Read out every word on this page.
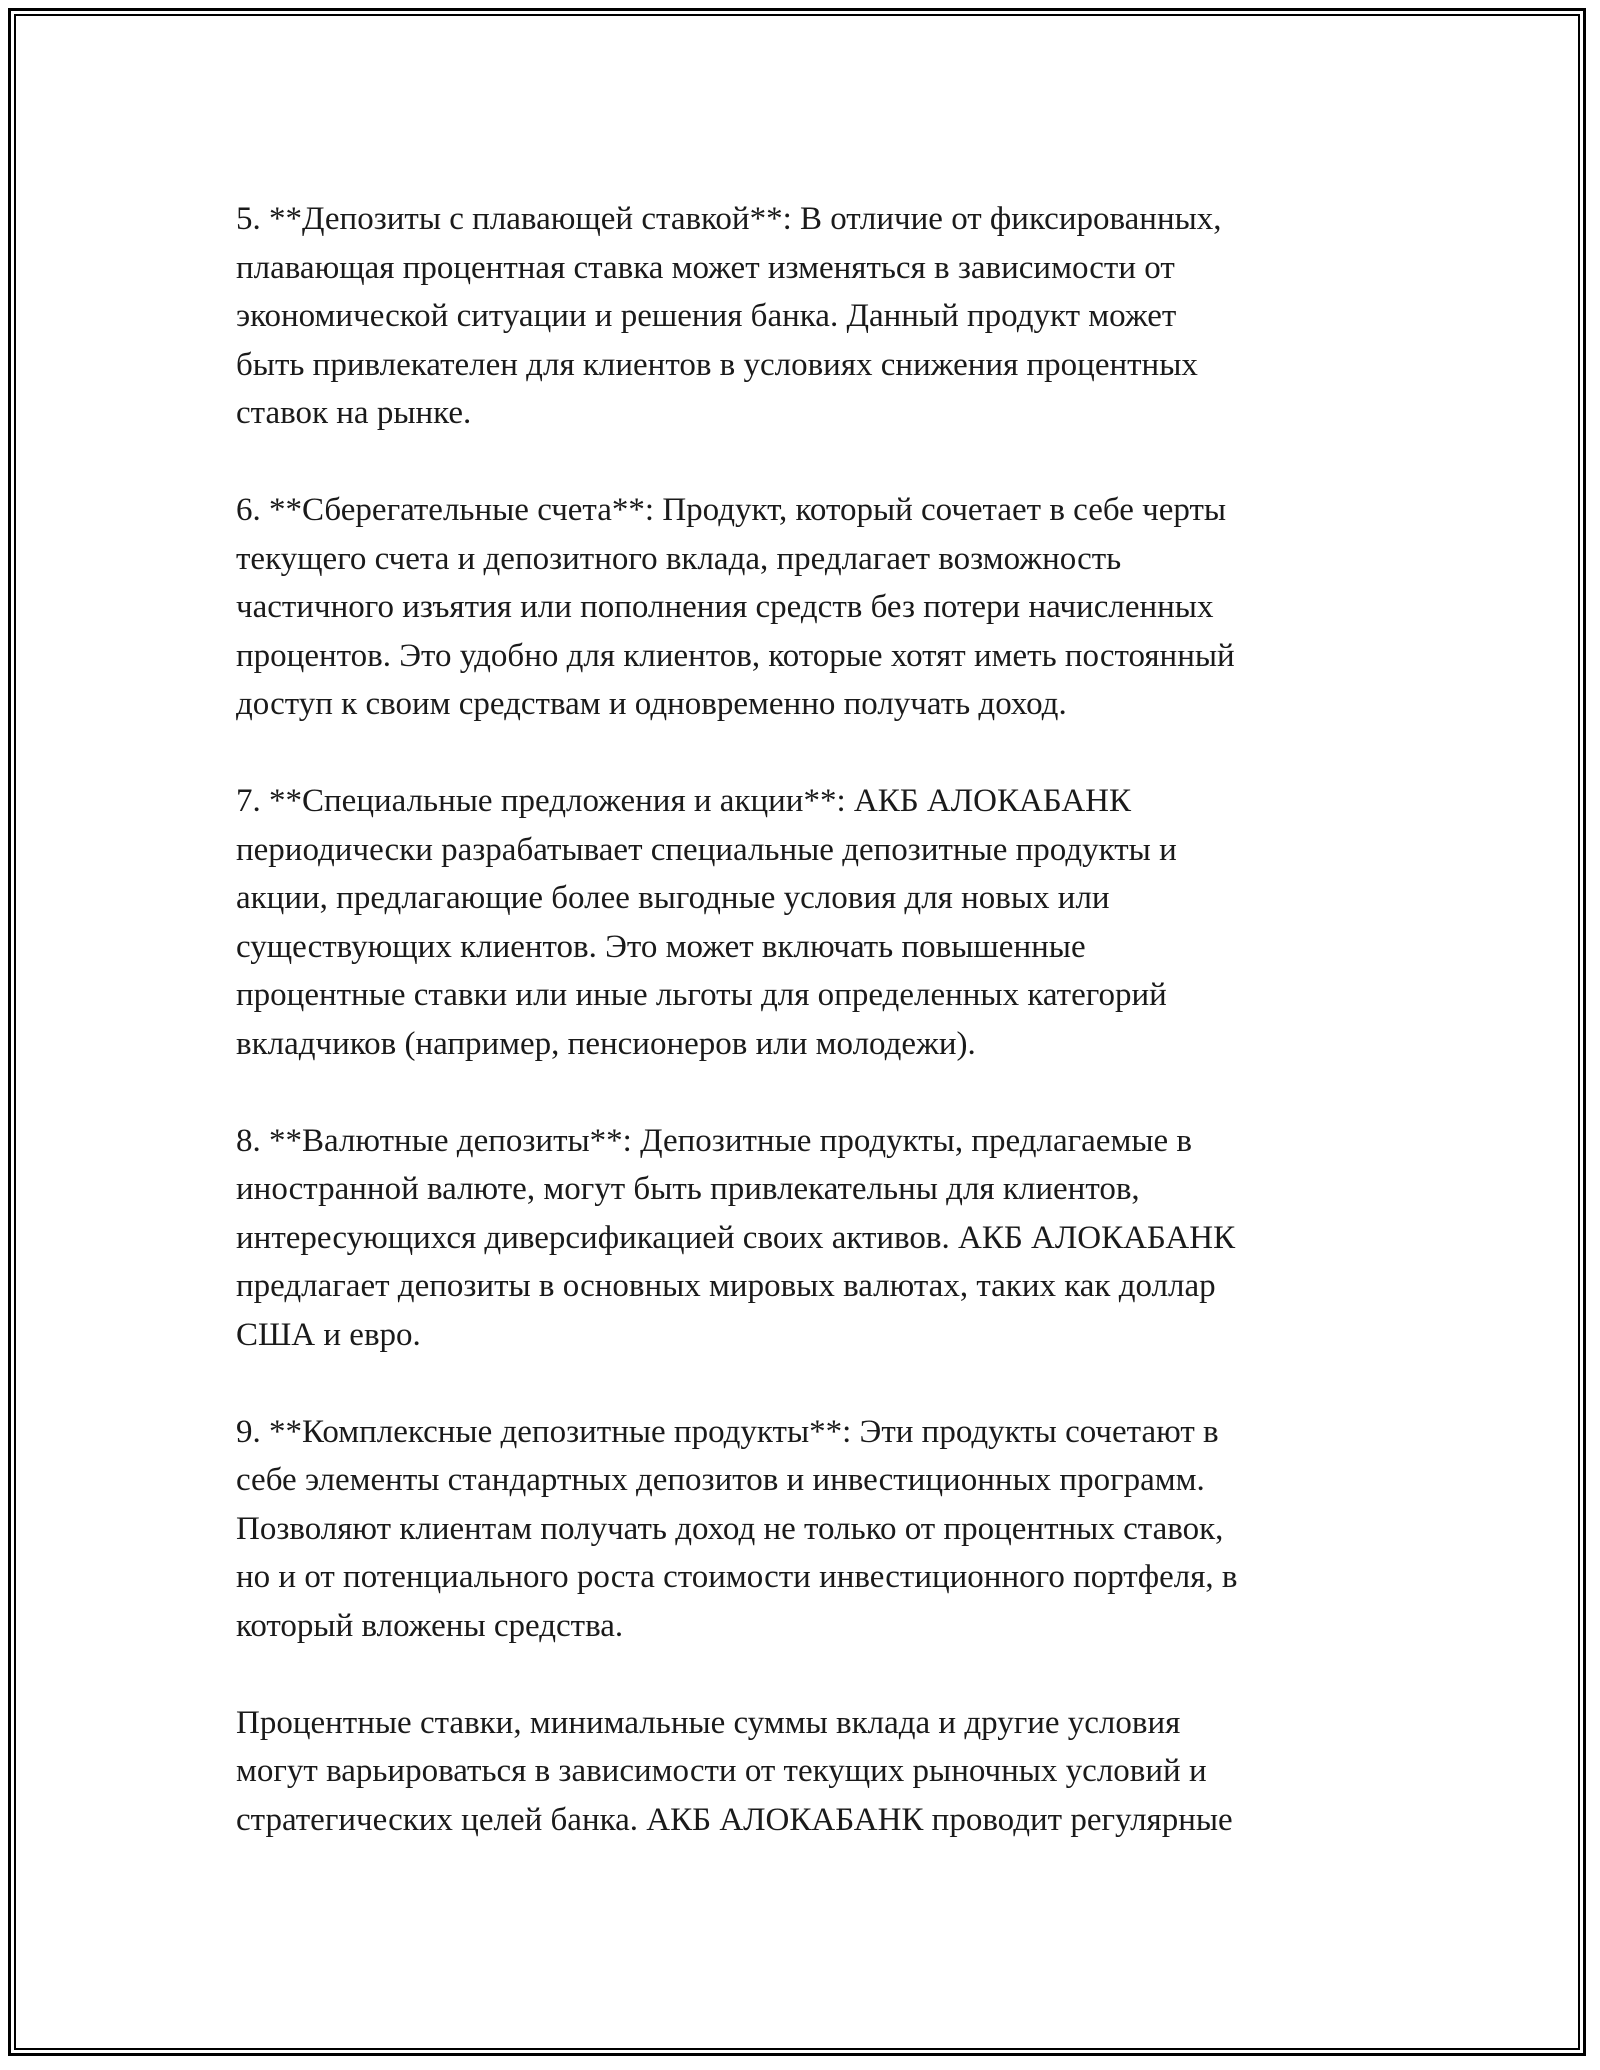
5. **Депозиты с плавающей ставкой**: В отличие от фиксированных,
плавающая процентная ставка может изменяться в зависимости от
экономической ситуации и решения банка. Данный продукт может
быть привлекателен для клиентов в условиях снижения процентных
ставок на рынке.

6. **Сберегательные счета**: Продукт, который сочетает в себе черты
текущего счета и депозитного вклада, предлагает возможность
частичного изъятия или пополнения средств без потери начисленных
процентов. Это удобно для клиентов, которые хотят иметь постоянный
доступ к своим средствам и одновременно получать доход.

7. **Специальные предложения и акции**: АКБ АЛОКАБАНК
периодически разрабатывает специальные депозитные продукты и
акции, предлагающие более выгодные условия для новых или
существующих клиентов. Это может включать повышенные
процентные ставки или иные льготы для определенных категорий
вкладчиков (например, пенсионеров или молодежи).

8. **Валютные депозиты**: Депозитные продукты, предлагаемые в
иностранной валюте, могут быть привлекательны для клиентов,
интересующихся диверсификацией своих активов. АКБ АЛОКАБАНК
предлагает депозиты в основных мировых валютах, таких как доллар
США и евро.

9. **Комплексные депозитные продукты**: Эти продукты сочетают в
себе элементы стандартных депозитов и инвестиционных программ.
Позволяют клиентам получать доход не только от процентных ставок,
но и от потенциального роста стоимости инвестиционного портфеля, в
который вложены средства.

Процентные ставки, минимальные суммы вклада и другие условия
могут варьироваться в зависимости от текущих рыночных условий и
стратегических целей банка. АКБ АЛОКАБАНК проводит регулярные
